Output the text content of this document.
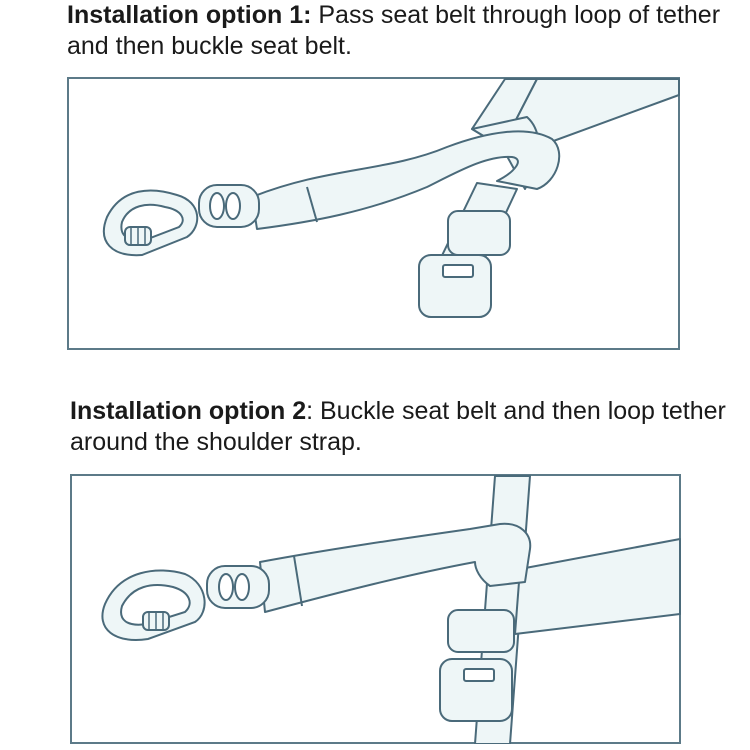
Installation option 1: Pass seat belt through loop of tether and then buckle seat belt.

Installation option 2: Buckle seat belt and then loop tether around the shoulder strap.
